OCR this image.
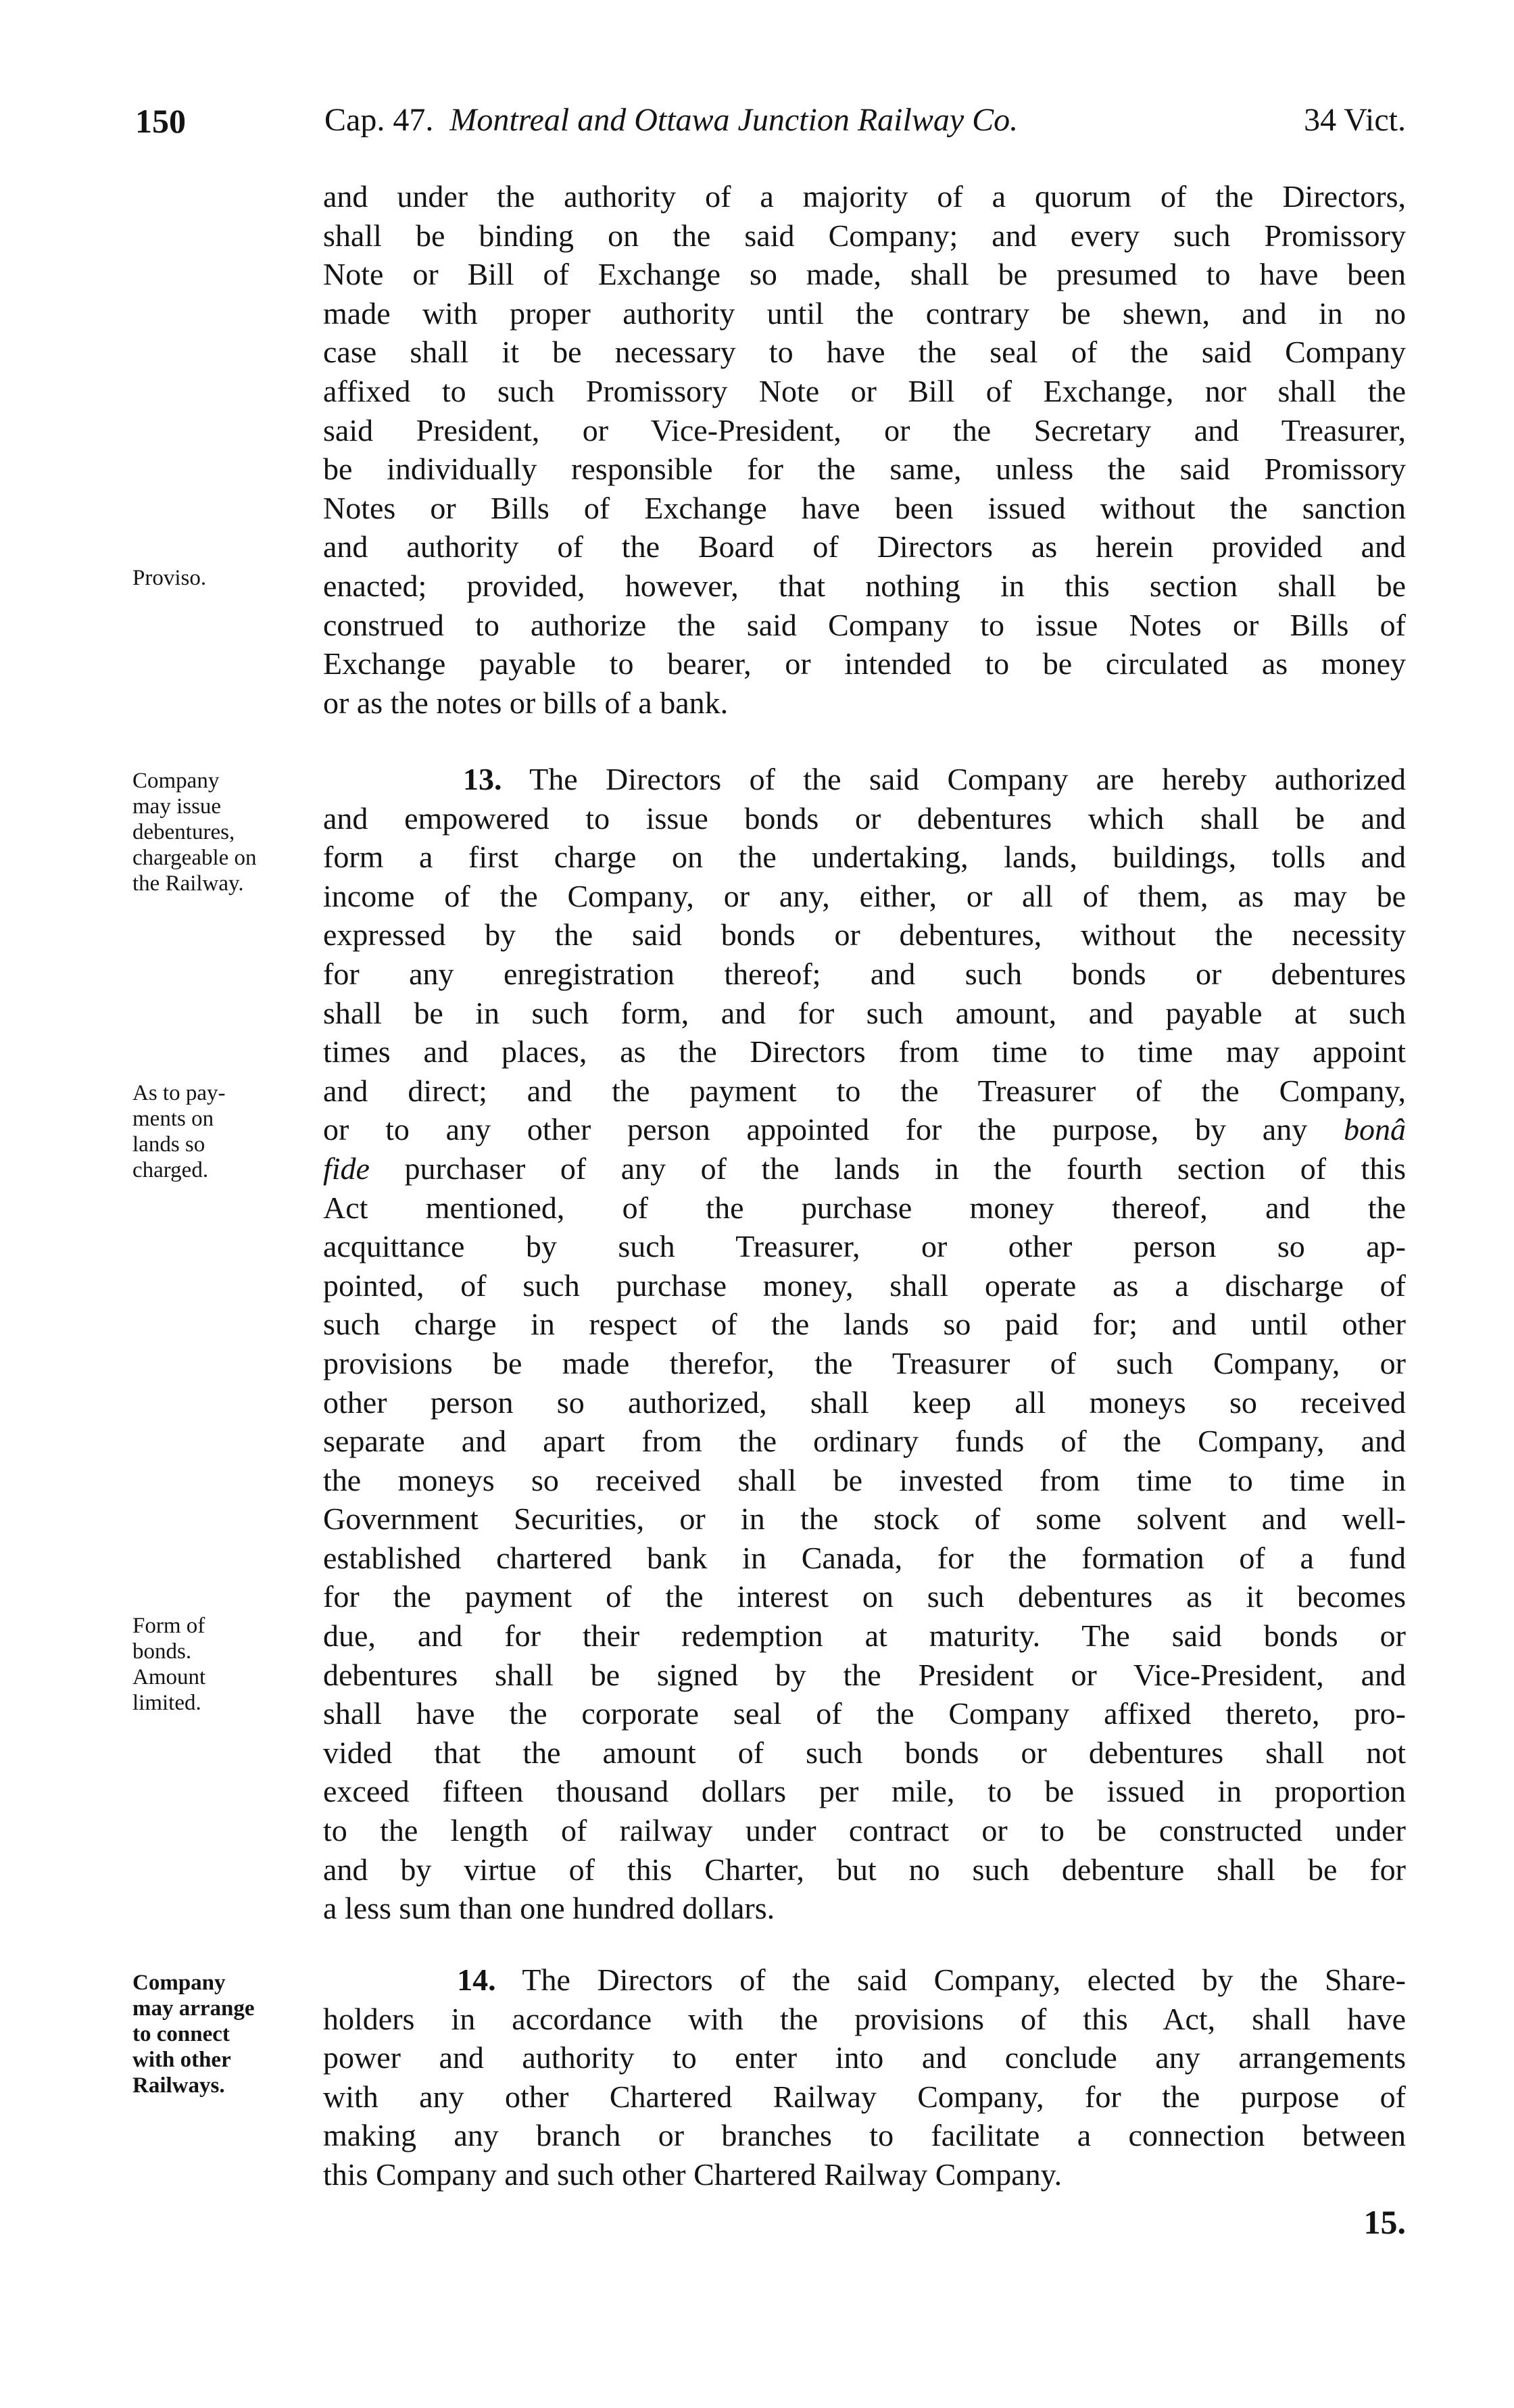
150	Cap. 47. Montreal and Ottawa Junction Railway Co.	34 Vict.
Proviso.
Company
may issue
debentures,
chargeable on
the Railway.
As to pay-
ments on
lands so
charged.
Form of
bonds.
Amount
limited.
Company
may arrange
to connect
with other
Railways.
and under the authority of a majority of a quorum of the Directors,
shall be binding on the said Company; and every such Promissory
Note or Bill of Exchange so made, shall be presumed to have been
made with proper authority until the contrary be shewn, and in no
case shall it be necessary to have the seal of the said Company
affixed to such Promissory Note or Bill of Exchange, nor shall the
said President, or Vice-President, or the Secretary and Treasurer,
be individually responsible for the same, unless the said Promissory
Notes or Bills of Exchange have been issued without the sanction
and authority of the Board of Directors as herein provided and
enacted; provided, however, that nothing in this section shall be
construed to authorize the said Company to issue Notes or Bills of
Exchange payable to bearer, or intended to be circulated as money
or as the notes or bills of a bank.
13. The Directors of the said Company are hereby authorized
and empowered to issue bonds or debentures which shall be and
form a first charge on the undertaking, lands, buildings, tolls and
income of the Company, or any, either, or all of them, as may be
expressed by the said bonds or debentures, without the necessity
for any enregistration thereof; and such bonds or debentures
shall be in such form, and for such amount, and payable at such
times and places, as the Directors from time to time may appoint
and direct; and the payment to the Treasurer of the Company,
or to any other person appointed for the purpose, by any bonâ
fide purchaser of any of the lands in the fourth section of this
Act mentioned, of the purchase money thereof, and the
acquittance by such Treasurer, or other person so ap-
pointed, of such purchase money, shall operate as a discharge of
such charge in respect of the lands so paid for; and until other
provisions be made therefor, the Treasurer of such Company, or
other person so authorized, shall keep all moneys so received
separate and apart from the ordinary funds of the Company, and
the moneys so received shall be invested from time to time in
Government Securities, or in the stock of some solvent and well-
established chartered bank in Canada, for the formation of a fund
for the payment of the interest on such debentures as it becomes
due, and for their redemption at maturity. The said bonds or
debentures shall be signed by the President or Vice-President, and
shall have the corporate seal of the Company affixed thereto, pro-
vided that the amount of such bonds or debentures shall not
exceed fifteen thousand dollars per mile, to be issued in proportion
to the length of railway under contract or to be constructed under
and by virtue of this Charter, but no such debenture shall be for
a less sum than one hundred dollars.
14. The Directors of the said Company, elected by the Share-
holders in accordance with the provisions of this Act, shall have
power and authority to enter into and conclude any arrangements
with any other Chartered Railway Company, for the purpose of
making any branch or branches to facilitate a connection between
this Company and such other Chartered Railway Company.
15.
